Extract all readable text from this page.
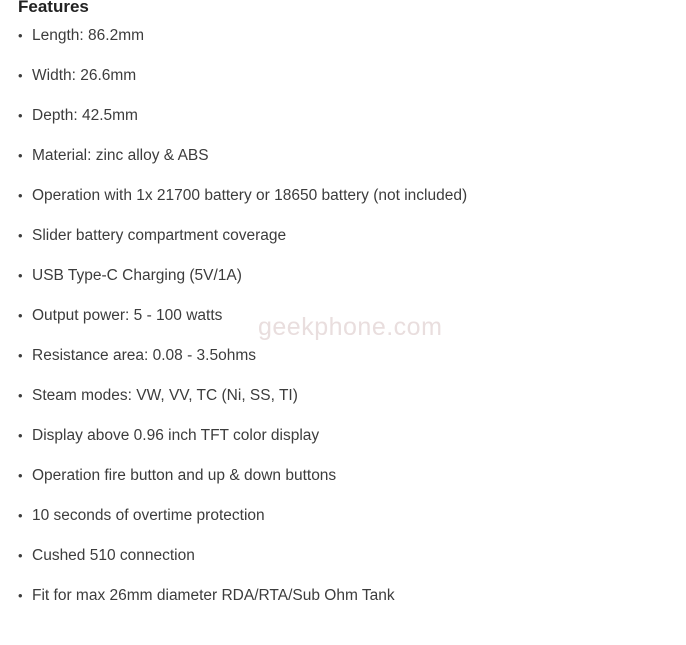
Features
• Length: 86.2mm
• Width: 26.6mm
• Depth: 42.5mm
• Material: zinc alloy & ABS
• Operation with 1x 21700 battery or 18650 battery (not included)
• Slider battery compartment coverage
• USB Type-C Charging (5V/1A)
• Output power: 5 - 100 watts
• Resistance area: 0.08 - 3.5ohms
• Steam modes: VW, VV, TC (Ni, SS, TI)
• Display above 0.96 inch TFT color display
• Operation fire button and up & down buttons
• 10 seconds of overtime protection
• Cushed 510 connection
• Fit for max 26mm diameter RDA/RTA/Sub Ohm Tank
geekphone.com
